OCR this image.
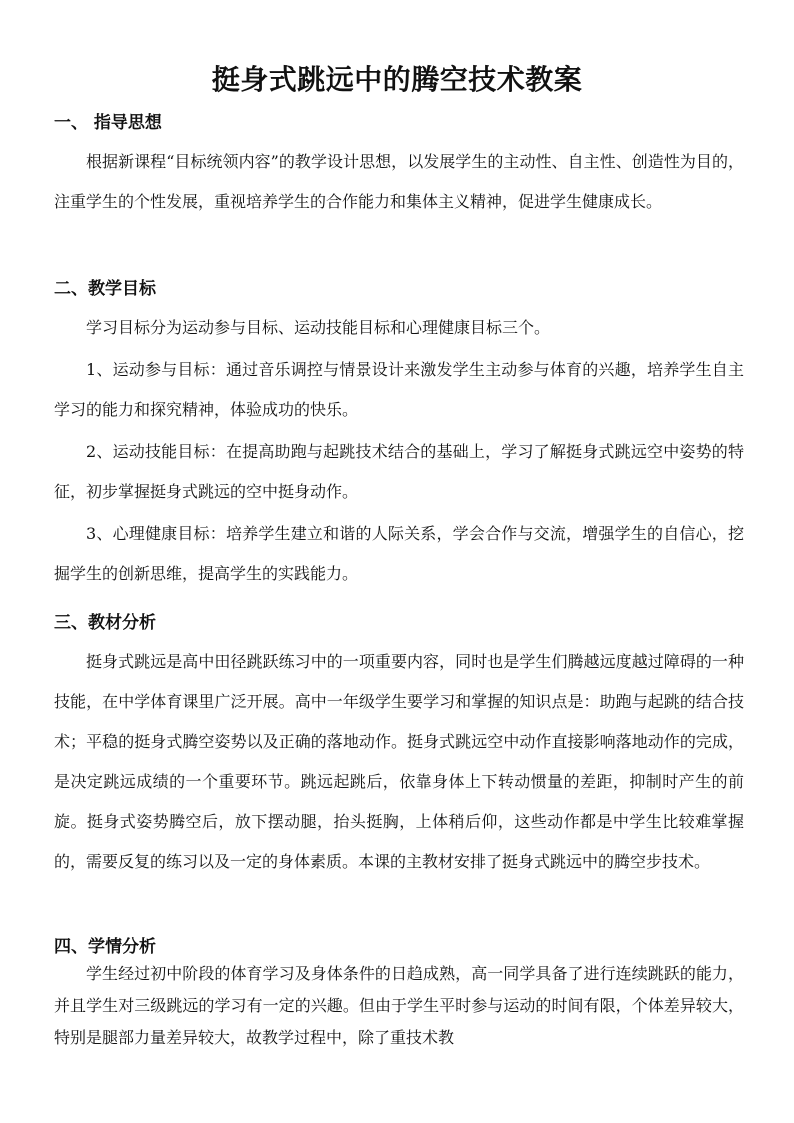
挺身式跳远中的腾空技术教案
一、 指导思想
根据新课程“目标统领内容”的教学设计思想，以发展学生的主动性、自主性、创造性为目的，注重学生的个性发展，重视培养学生的合作能力和集体主义精神，促进学生健康成长。
二、教学目标
学习目标分为运动参与目标、运动技能目标和心理健康目标三个。
1、运动参与目标：通过音乐调控与情景设计来激发学生主动参与体育的兴趣，培养学生自主学习的能力和探究精神，体验成功的快乐。
2、运动技能目标：在提高助跑与起跳技术结合的基础上，学习了解挺身式跳远空中姿势的特征，初步掌握挺身式跳远的空中挺身动作。
3、心理健康目标：培养学生建立和谐的人际关系，学会合作与交流，增强学生的自信心，挖掘学生的创新思维，提高学生的实践能力。
三、教材分析
挺身式跳远是高中田径跳跃练习中的一项重要内容，同时也是学生们腾越远度越过障碍的一种技能，在中学体育课里广泛开展。高中一年级学生要学习和掌握的知识点是：助跑与起跳的结合技术；平稳的挺身式腾空姿势以及正确的落地动作。挺身式跳远空中动作直接影响落地动作的完成，是决定跳远成绩的一个重要环节。跳远起跳后，依靠身体上下转动惯量的差距，抑制时产生的前旋。挺身式姿势腾空后，放下摆动腿，抬头挺胸，上体稍后仰，这些动作都是中学生比较难掌握的，需要反复的练习以及一定的身体素质。本课的主教材安排了挺身式跳远中的腾空步技术。
四、学情分析
学生经过初中阶段的体育学习及身体条件的日趋成熟，高一同学具备了进行连续跳跃的能力，并且学生对三级跳远的学习有一定的兴趣。但由于学生平时参与运动的时间有限，个体差异较大，特别是腿部力量差异较大，故教学过程中，除了重技术教
